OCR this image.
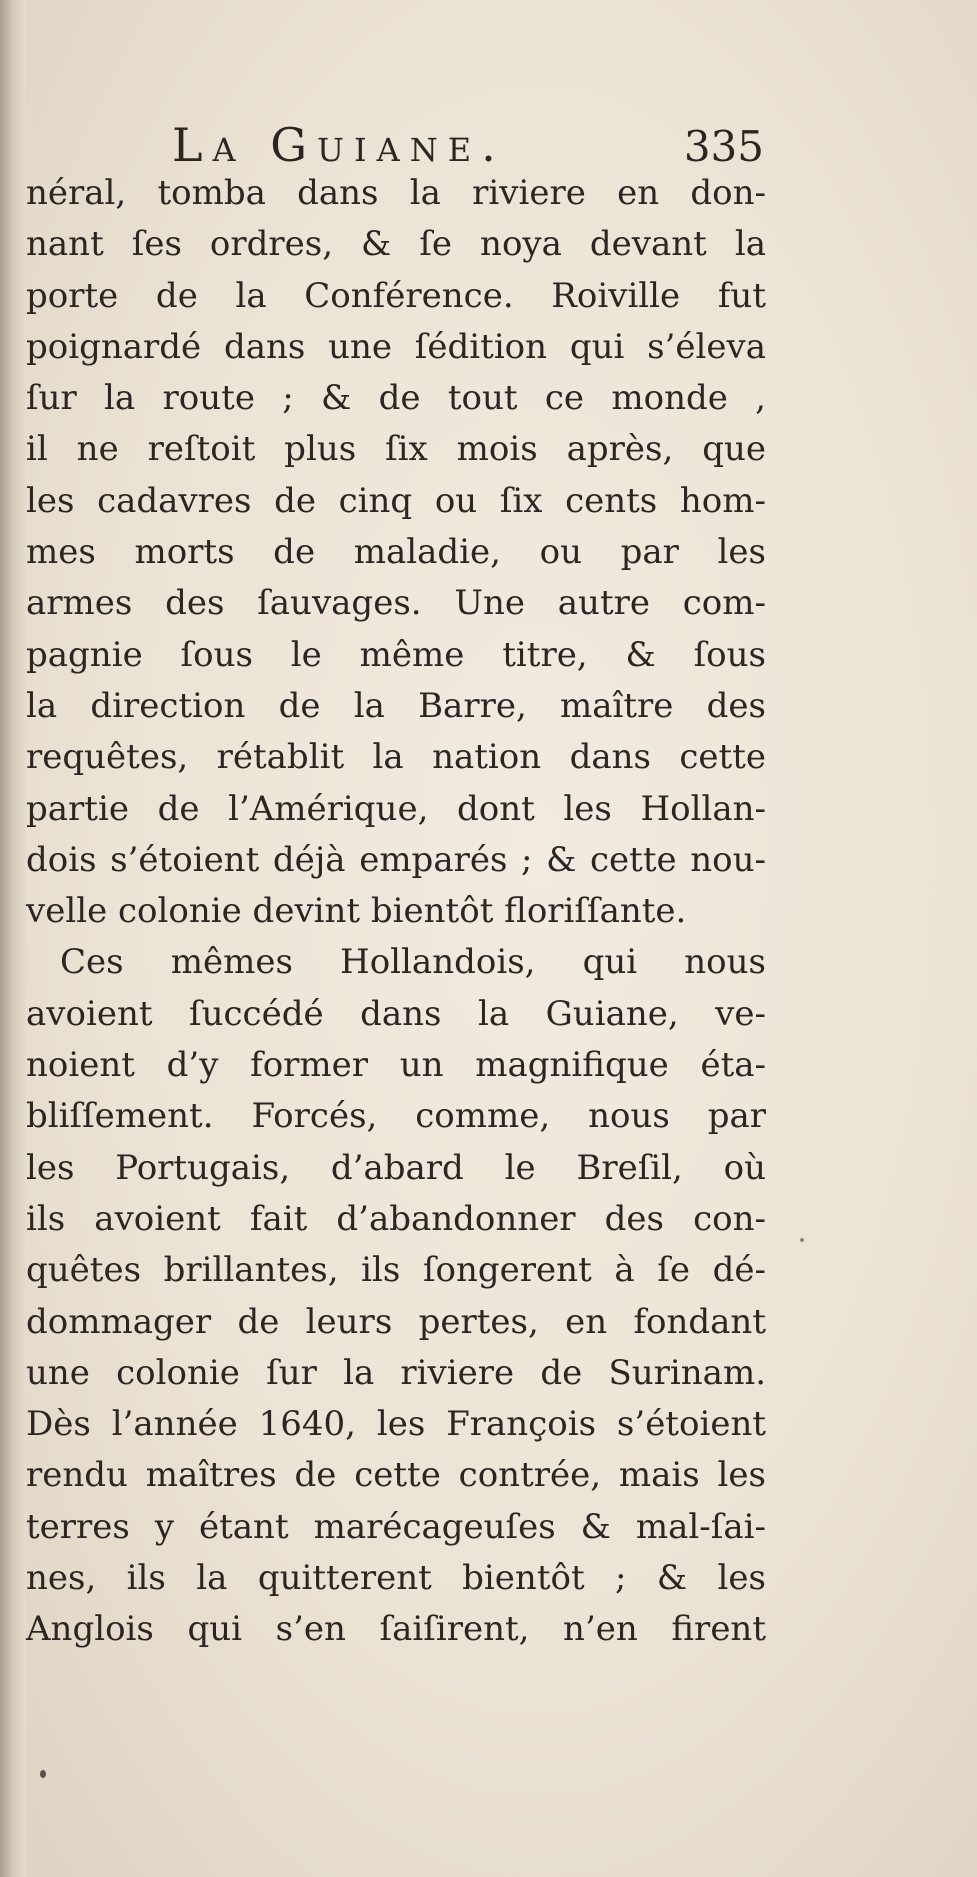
La Guiane.	335
néral, tomba dans la riviere en don-
nant ſes ordres, & ſe noya devant la
porte de la Conférence. Roiville fut
poignardé dans une ſédition qui s’éleva
ſur la route ; & de tout ce monde ,
il ne reſtoit plus ſix mois après, que
les cadavres de cinq ou ſix cents hom-
mes morts de maladie, ou par les
armes des ſauvages. Une autre com-
pagnie ſous le même titre, & ſous
la direction de la Barre, maître des
requêtes, rétablit la nation dans cette
partie de l’Amérique, dont les Hollan-
dois s’étoient déjà emparés ; & cette nou-
velle colonie devint bientôt floriſſante.
Ces mêmes Hollandois, qui nous
avoient ſuccédé dans la Guiane, ve-
noient d’y former un magnifique éta-
bliſſement. Forcés, comme, nous par
les Portugais, d’abard le Breſil, où
ils avoient fait d’abandonner des con-
quêtes brillantes, ils ſongerent à ſe dé-
dommager de leurs pertes, en fondant
une colonie ſur la riviere de Surinam.
Dès l’année 1640, les François s’étoient
rendu maîtres de cette contrée, mais les
terres y étant marécageuſes & mal-ſai-
nes, ils la quitterent bientôt ; & les
Anglois qui s’en ſaiſirent, n’en firent
